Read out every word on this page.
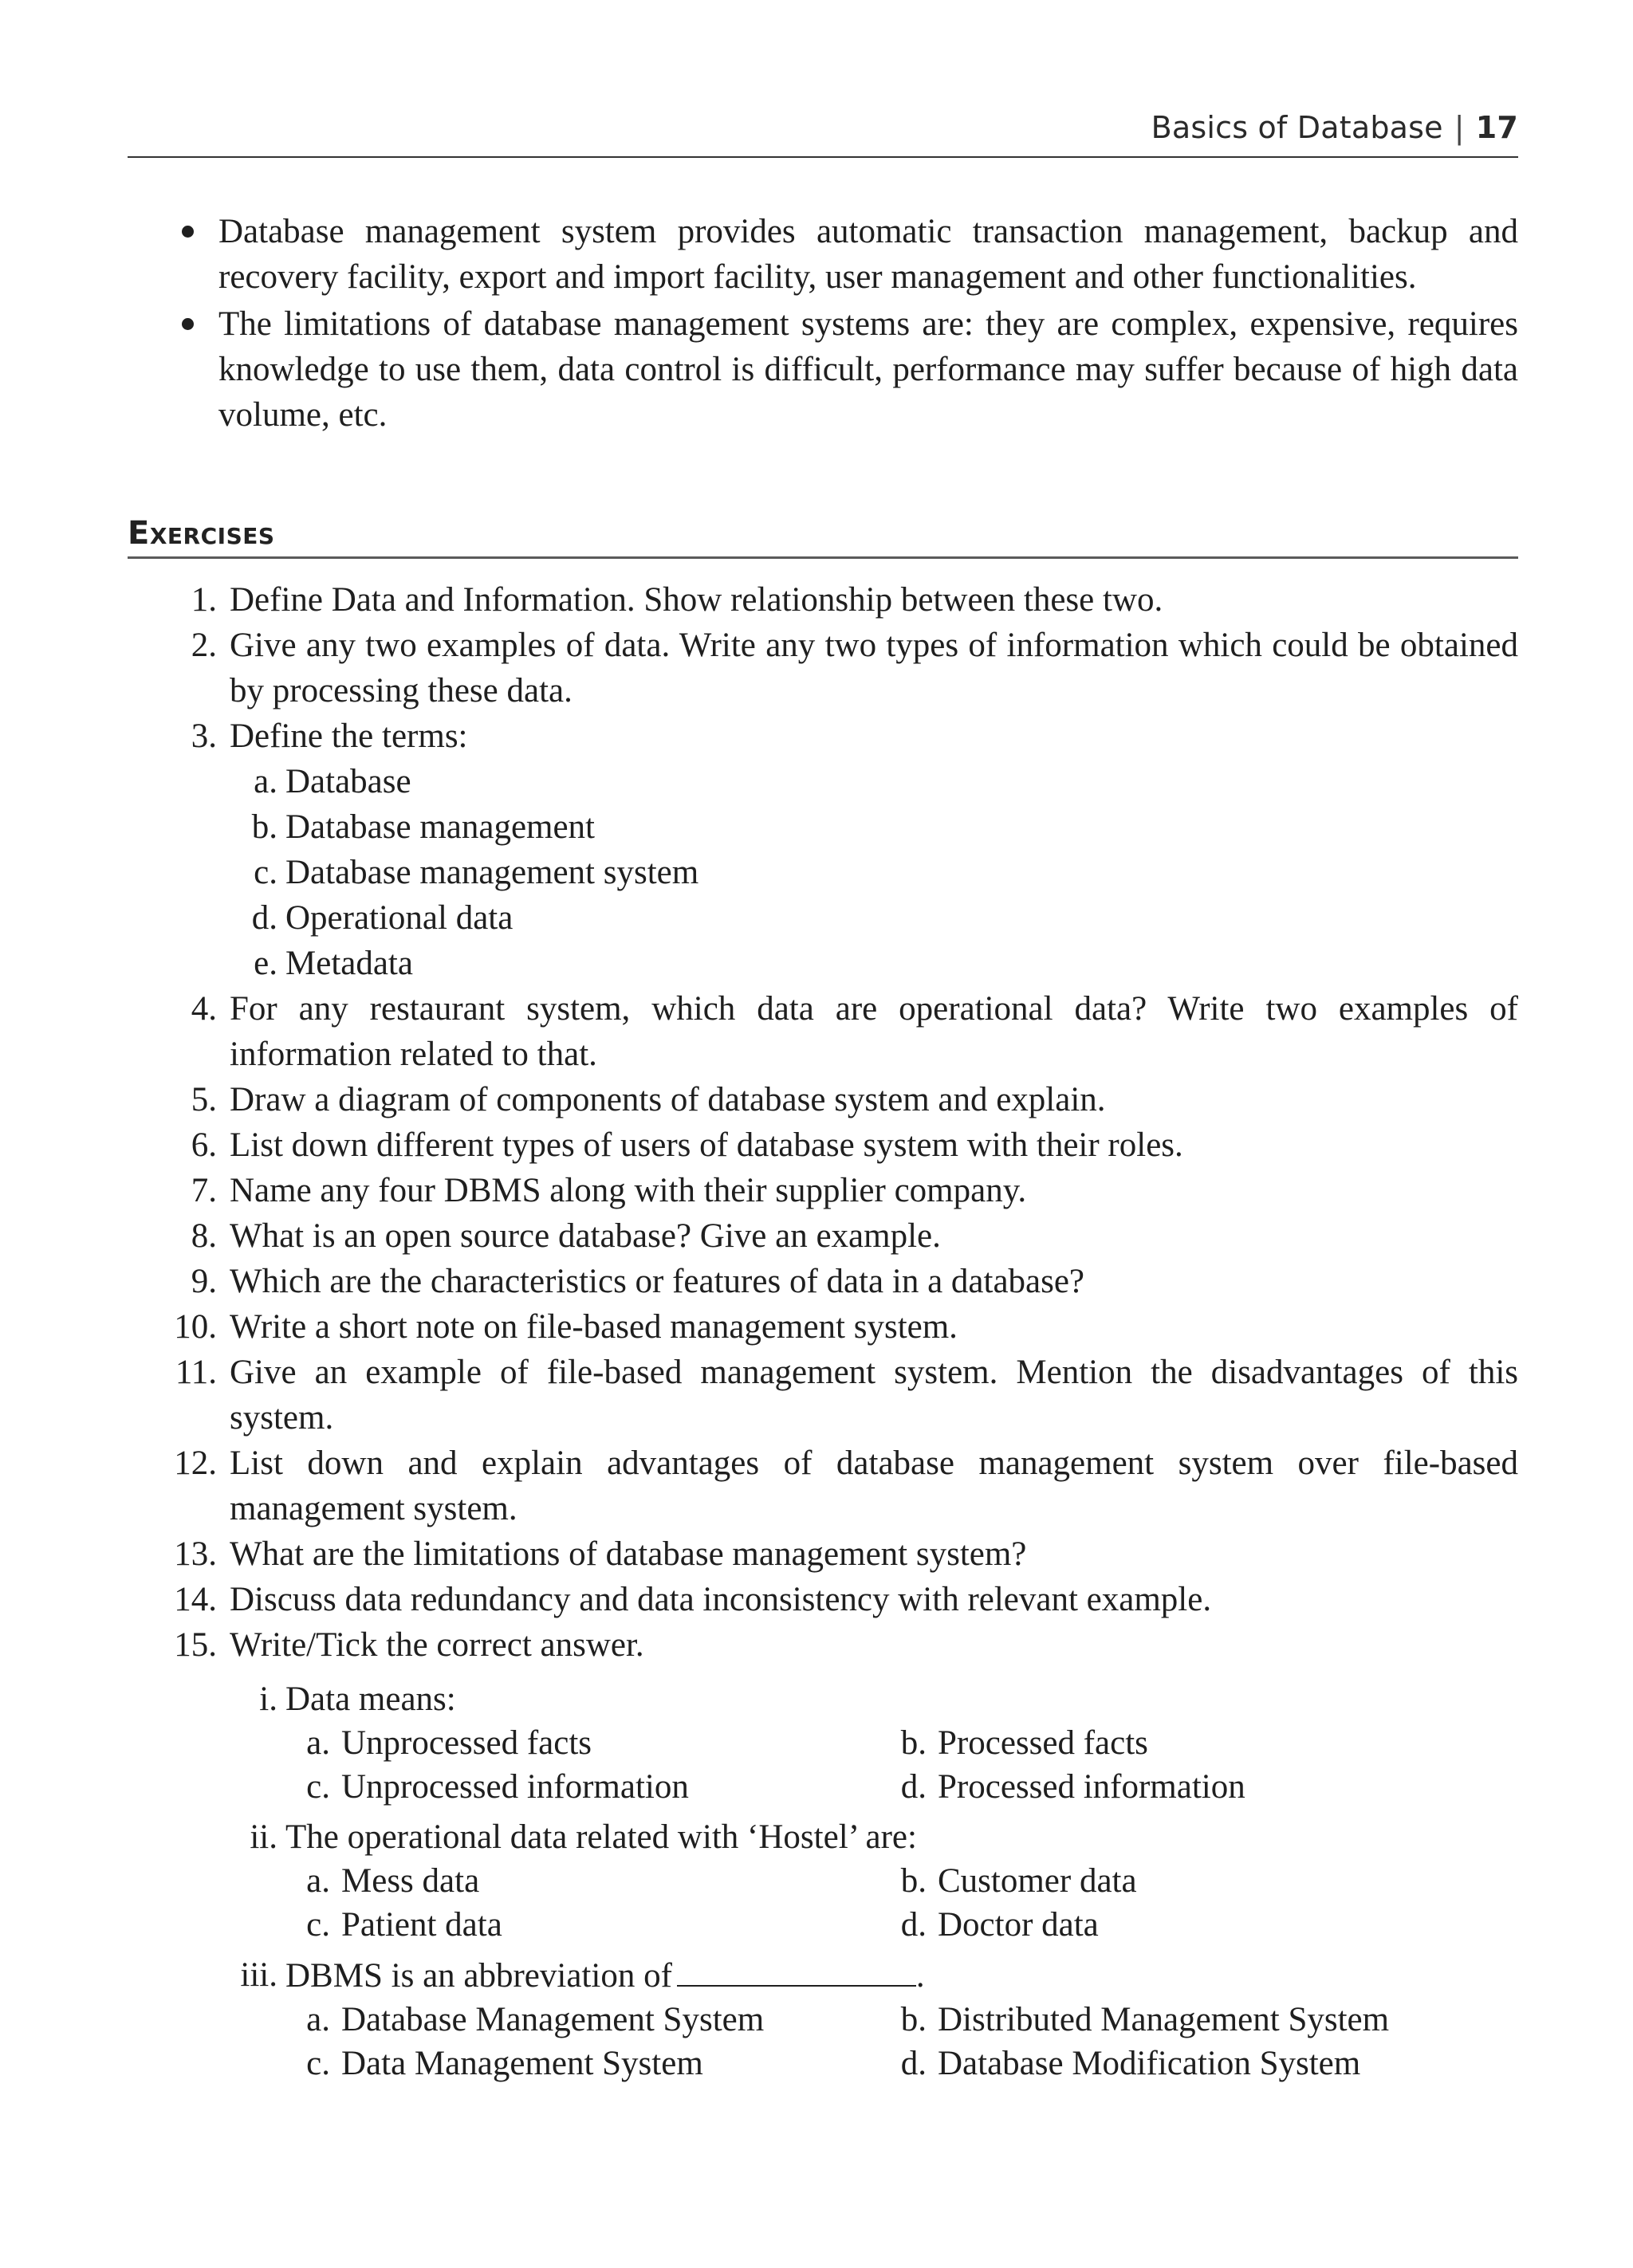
Basics of Database | 17
Database management system provides automatic transaction management, backup and recovery facility, export and import facility, user management and other functionalities.
The limitations of database management systems are: they are complex, expensive, requires knowledge to use them, data control is difficult, performance may suffer because of high data volume, etc.
Exercises
1. Define Data and Information. Show relationship between these two.
2. Give any two examples of data. Write any two types of information which could be obtained by processing these data.
3. Define the terms:
a. Database
b. Database management
c. Database management system
d. Operational data
e. Metadata
4. For any restaurant system, which data are operational data? Write two examples of information related to that.
5. Draw a diagram of components of database system and explain.
6. List down different types of users of database system with their roles.
7. Name any four DBMS along with their supplier company.
8. What is an open source database? Give an example.
9. Which are the characteristics or features of data in a database?
10. Write a short note on file-based management system.
11. Give an example of file-based management system. Mention the disadvantages of this system.
12. List down and explain advantages of database management system over file-based management system.
13. What are the limitations of database management system?
14. Discuss data redundancy and data inconsistency with relevant example.
15. Write/Tick the correct answer.
i. Data means:
a. Unprocessed facts	b. Processed facts
c. Unprocessed information	d. Processed information
ii. The operational data related with ‘Hostel’ are:
a. Mess data	b. Customer data
c. Patient data	d. Doctor data
iii. DBMS is an abbreviation of	.
a. Database Management System	b. Distributed Management System
c. Data Management System	d. Database Modification System
